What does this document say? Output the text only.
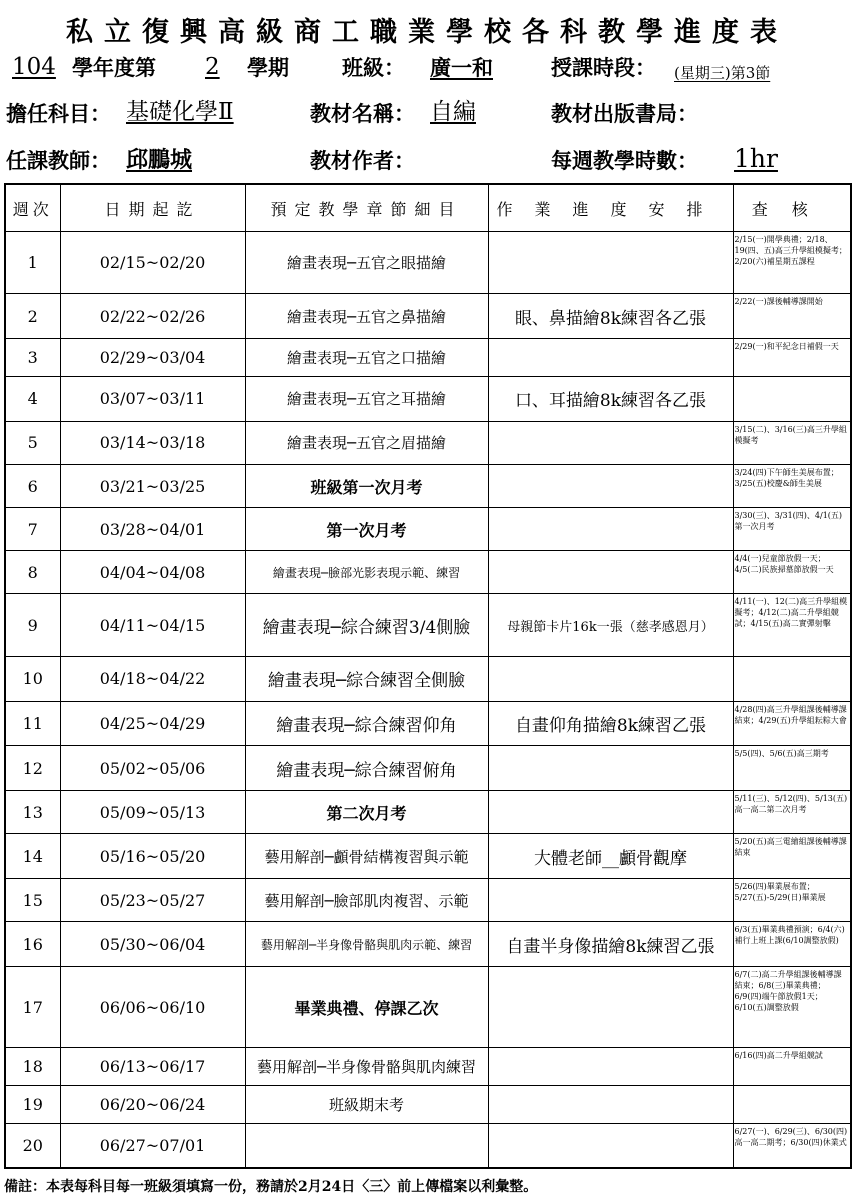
私立復興高級商工職業學校各科教學進度表
104 學年度第 2 學期	班級： 廣一和	授課時段： (星期三)第3節
擔任科目： 基礎化學Ⅱ	教材名稱： 自編	教材出版書局：
任課教師： 邱鵬城	教材作者：	每週教學時數： 1hr
週次	日期起訖	預定教學章節細目	作業進度安排	查核
1	02/15~02/20	繪畫表現─五官之眼描繪		2/15(一)開學典禮；2/18、19(四、五)高三升學組模擬考；2/20(六)補星期五課程
2	02/22~02/26	繪畫表現─五官之鼻描繪	眼、鼻描繪8k練習各乙張	2/22(一)課後輔導課開始
3	02/29~03/04	繪畫表現─五官之口描繪		2/29(一)和平紀念日補假一天
4	03/07~03/11	繪畫表現─五官之耳描繪	口、耳描繪8k練習各乙張	
5	03/14~03/18	繪畫表現─五官之眉描繪		3/15(二)、3/16(三)高三升學組模擬考
6	03/21~03/25	班級第一次月考		3/24(四)下午師生美展布置；3/25(五)校慶&師生美展
7	03/28~04/01	第一次月考		3/30(三)、3/31(四)、4/1(五)第一次月考
8	04/04~04/08	繪畫表現─臉部光影表現示範、練習		4/4(一)兒童節放假一天；4/5(二)民族掃墓節放假一天
9	04/11~04/15	繪畫表現─綜合練習3/4側臉	母親節卡片16k一張（慈孝感恩月）	4/11(一)、12(二)高三升學組模擬考；4/12(二)高二升學組競試；4/15(五)高二實彈射擊
10	04/18~04/22	繪畫表現─綜合練習全側臉		
11	04/25~04/29	繪畫表現─綜合練習仰角	自畫仰角描繪8k練習乙張	4/28(四)高三升學組課後輔導課結束；4/29(五)升學組耘粽大會
12	05/02~05/06	繪畫表現─綜合練習俯角		5/5(四)、5/6(五)高三期考
13	05/09~05/13	第二次月考		5/11(三)、5/12(四)、5/13(五)高一高二第二次月考
14	05/16~05/20	藝用解剖─顱骨結構複習與示範	大體老師__顱骨觀摩	5/20(五)高三電繪組課後輔導課結束
15	05/23~05/27	藝用解剖─臉部肌肉複習、示範		5/26(四)畢業展布置；5/27(五)-5/29(日)畢業展
16	05/30~06/04	藝用解剖─半身像骨骼與肌肉示範、練習	自畫半身像描繪8k練習乙張	6/3(五)畢業典禮預演；6/4(六)補行上班上課(6/10調整放假)
17	06/06~06/10	畢業典禮、停課乙次		6/7(二)高二升學組課後輔導課結束；6/8(三)畢業典禮；6/9(四)端午節放假1天；6/10(五)調整放假
18	06/13~06/17	藝用解剖─半身像骨骼與肌肉練習		6/16(四)高二升學組競試
19	06/20~06/24	班級期末考		
20	06/27~07/01			6/27(一)、6/29(三)、6/30(四)高一高二期考；6/30(四)休業式
備註：本表每科目每一班級須填寫一份，務請於2月24日〈三〉前上傳檔案以利彙整。
